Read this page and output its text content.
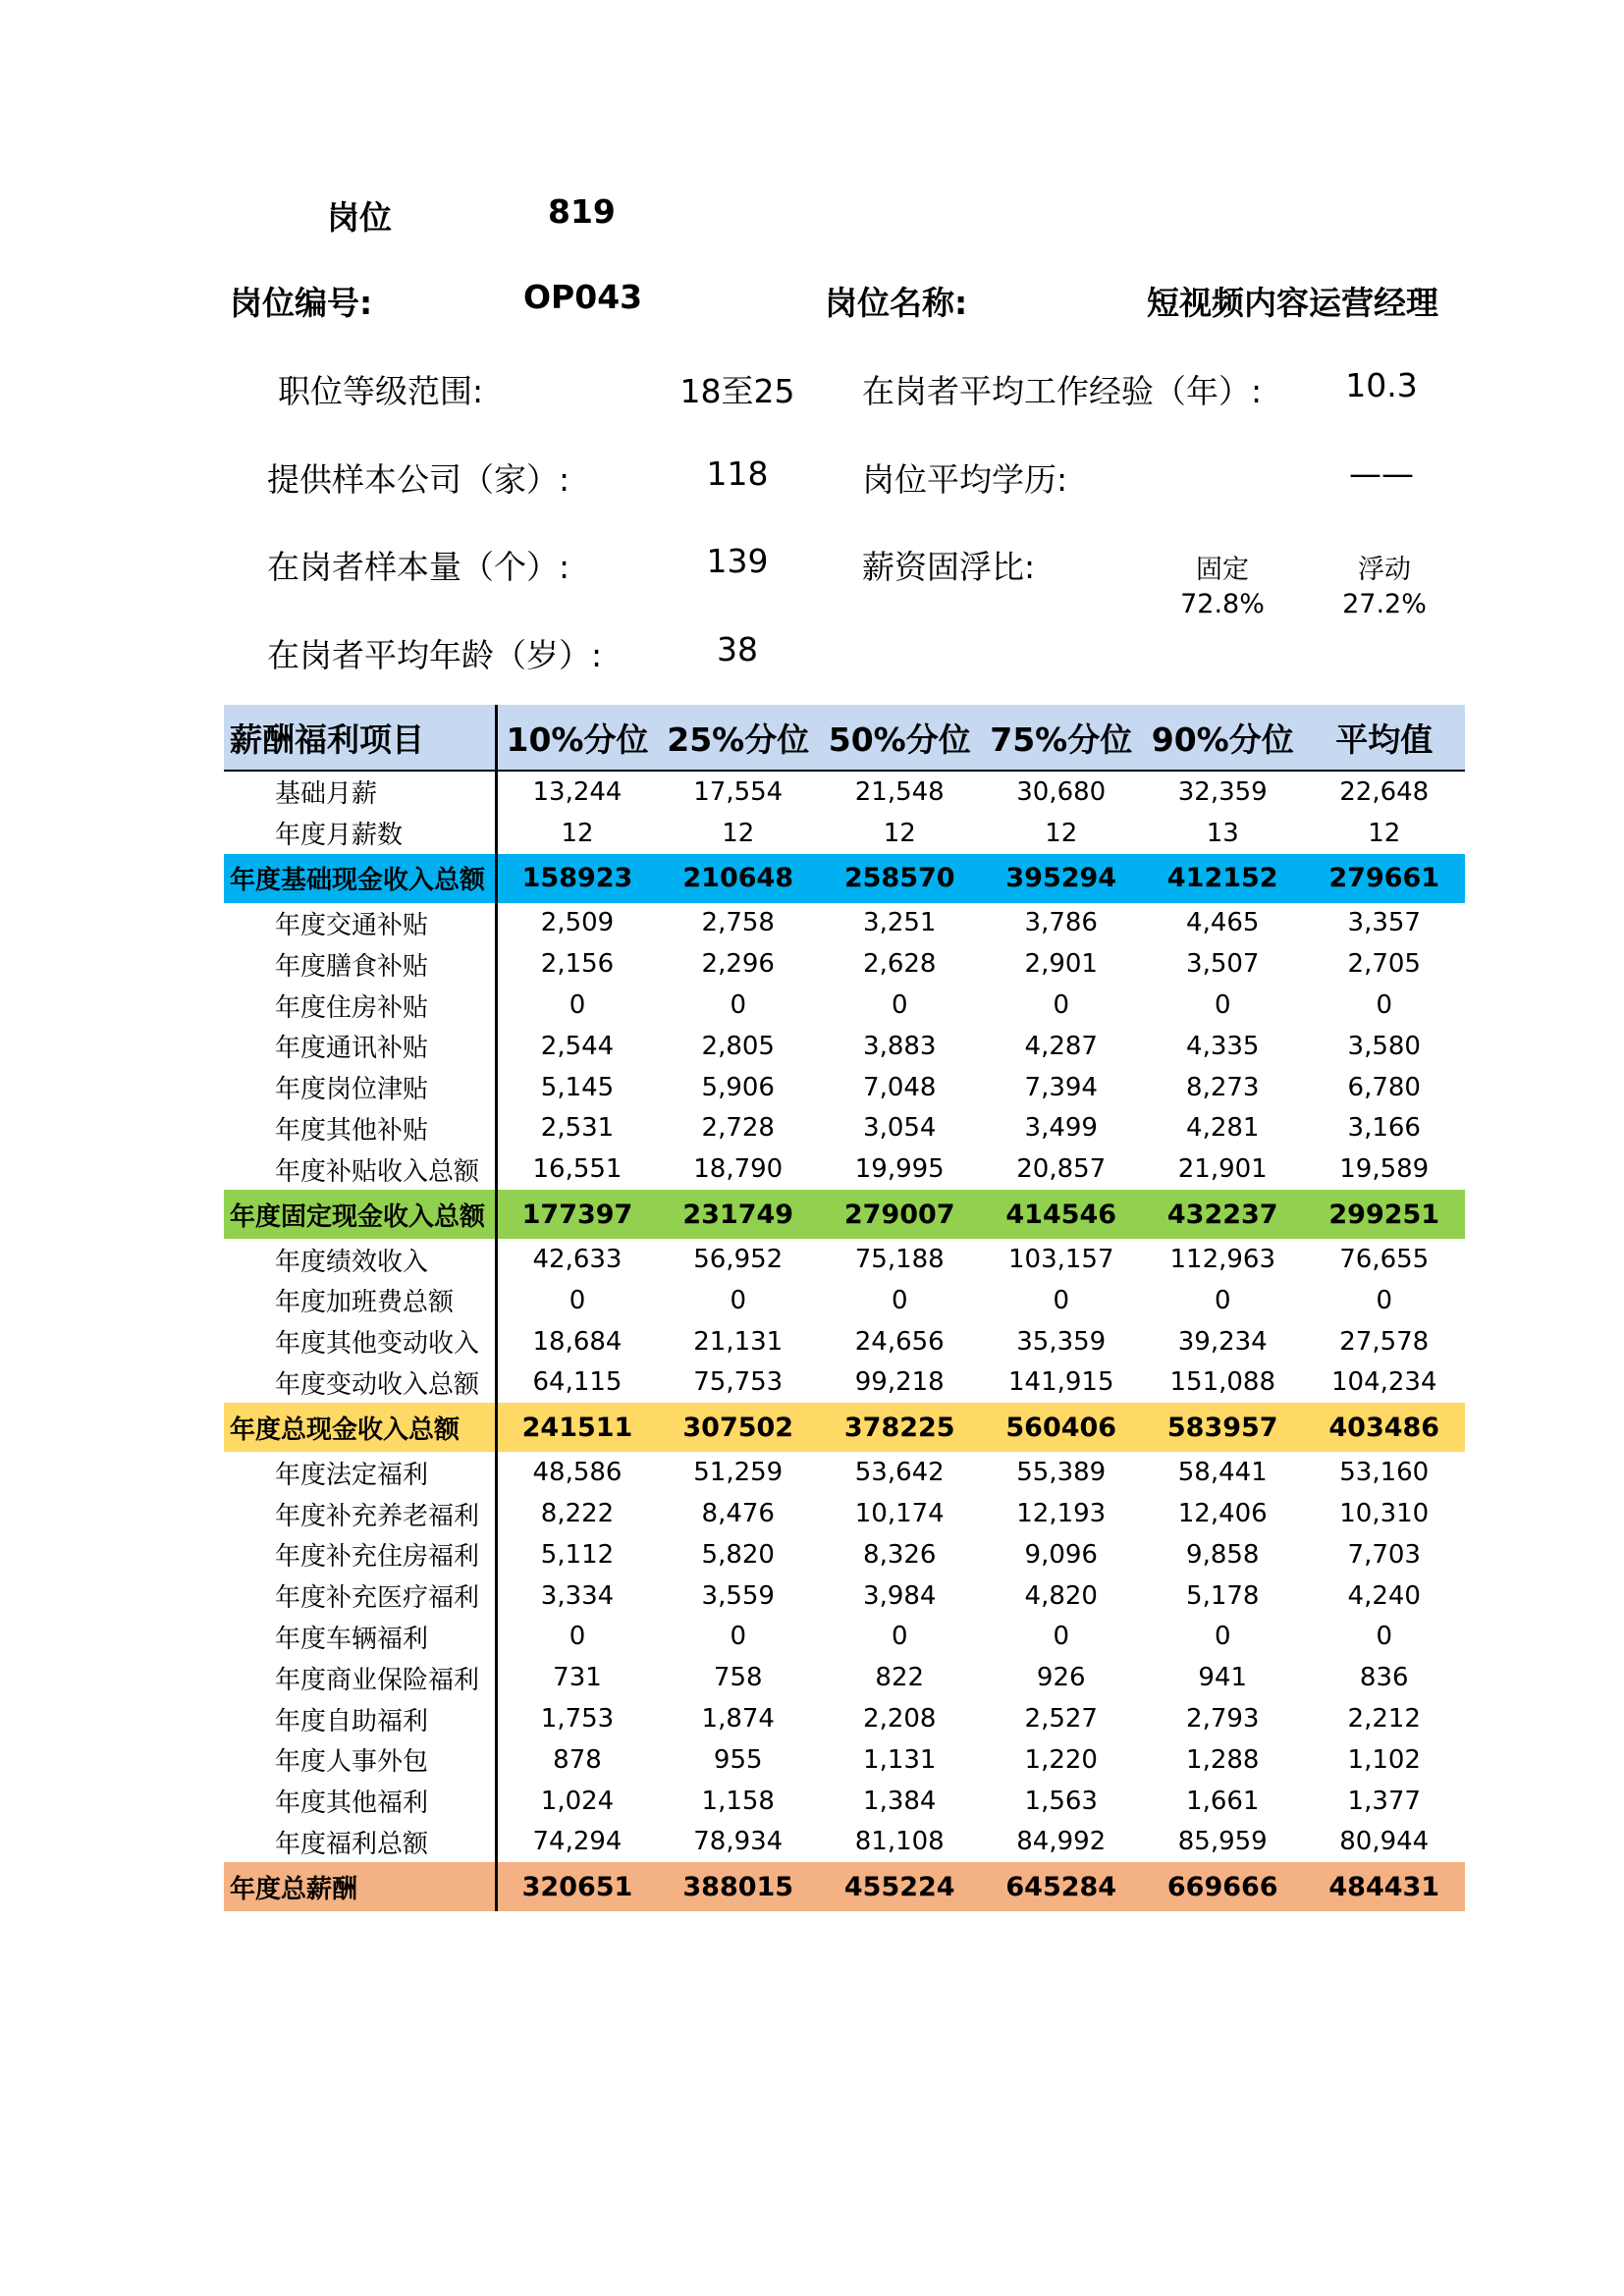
岗位	819
岗位编号:	OP043	岗位名称:	短视频内容运营经理
职位等级范围:	18至25 在岗者平均工作经验（年）:	10.3
提供样本公司（家）:	118	岗位平均学历:	——
在岗者样本量（个）:	139	薪资固浮比:	固定	浮动
72.8%	27.2%
在岗者平均年龄（岁）:	38
薪酬福利项目	10%分位	25%分位	50%分位	75%分位	90%分位	平均值
基础月薪	13,244	17,554	21,548	30,680	32,359	22,648
年度月薪数	12	12	12	12	13	12
年度基础现金收入总额	158923	210648	258570	395294	412152	279661
年度交通补贴	2,509	2,758	3,251	3,786	4,465	3,357
年度膳食补贴	2,156	2,296	2,628	2,901	3,507	2,705
年度住房补贴	0	0	0	0	0	0
年度通讯补贴	2,544	2,805	3,883	4,287	4,335	3,580
年度岗位津贴	5,145	5,906	7,048	7,394	8,273	6,780
年度其他补贴	2,531	2,728	3,054	3,499	4,281	3,166
年度补贴收入总额	16,551	18,790	19,995	20,857	21,901	19,589
年度固定现金收入总额	177397	231749	279007	414546	432237	299251
年度绩效收入	42,633	56,952	75,188	103,157	112,963	76,655
年度加班费总额	0	0	0	0	0	0
年度其他变动收入	18,684	21,131	24,656	35,359	39,234	27,578
年度变动收入总额	64,115	75,753	99,218	141,915	151,088	104,234
年度总现金收入总额	241511	307502	378225	560406	583957	403486
年度法定福利	48,586	51,259	53,642	55,389	58,441	53,160
年度补充养老福利	8,222	8,476	10,174	12,193	12,406	10,310
年度补充住房福利	5,112	5,820	8,326	9,096	9,858	7,703
年度补充医疗福利	3,334	3,559	3,984	4,820	5,178	4,240
年度车辆福利	0	0	0	0	0	0
年度商业保险福利	731	758	822	926	941	836
年度自助福利	1,753	1,874	2,208	2,527	2,793	2,212
年度人事外包	878	955	1,131	1,220	1,288	1,102
年度其他福利	1,024	1,158	1,384	1,563	1,661	1,377
年度福利总额	74,294	78,934	81,108	84,992	85,959	80,944
年度总薪酬	320651	388015	455224	645284	669666	484431
